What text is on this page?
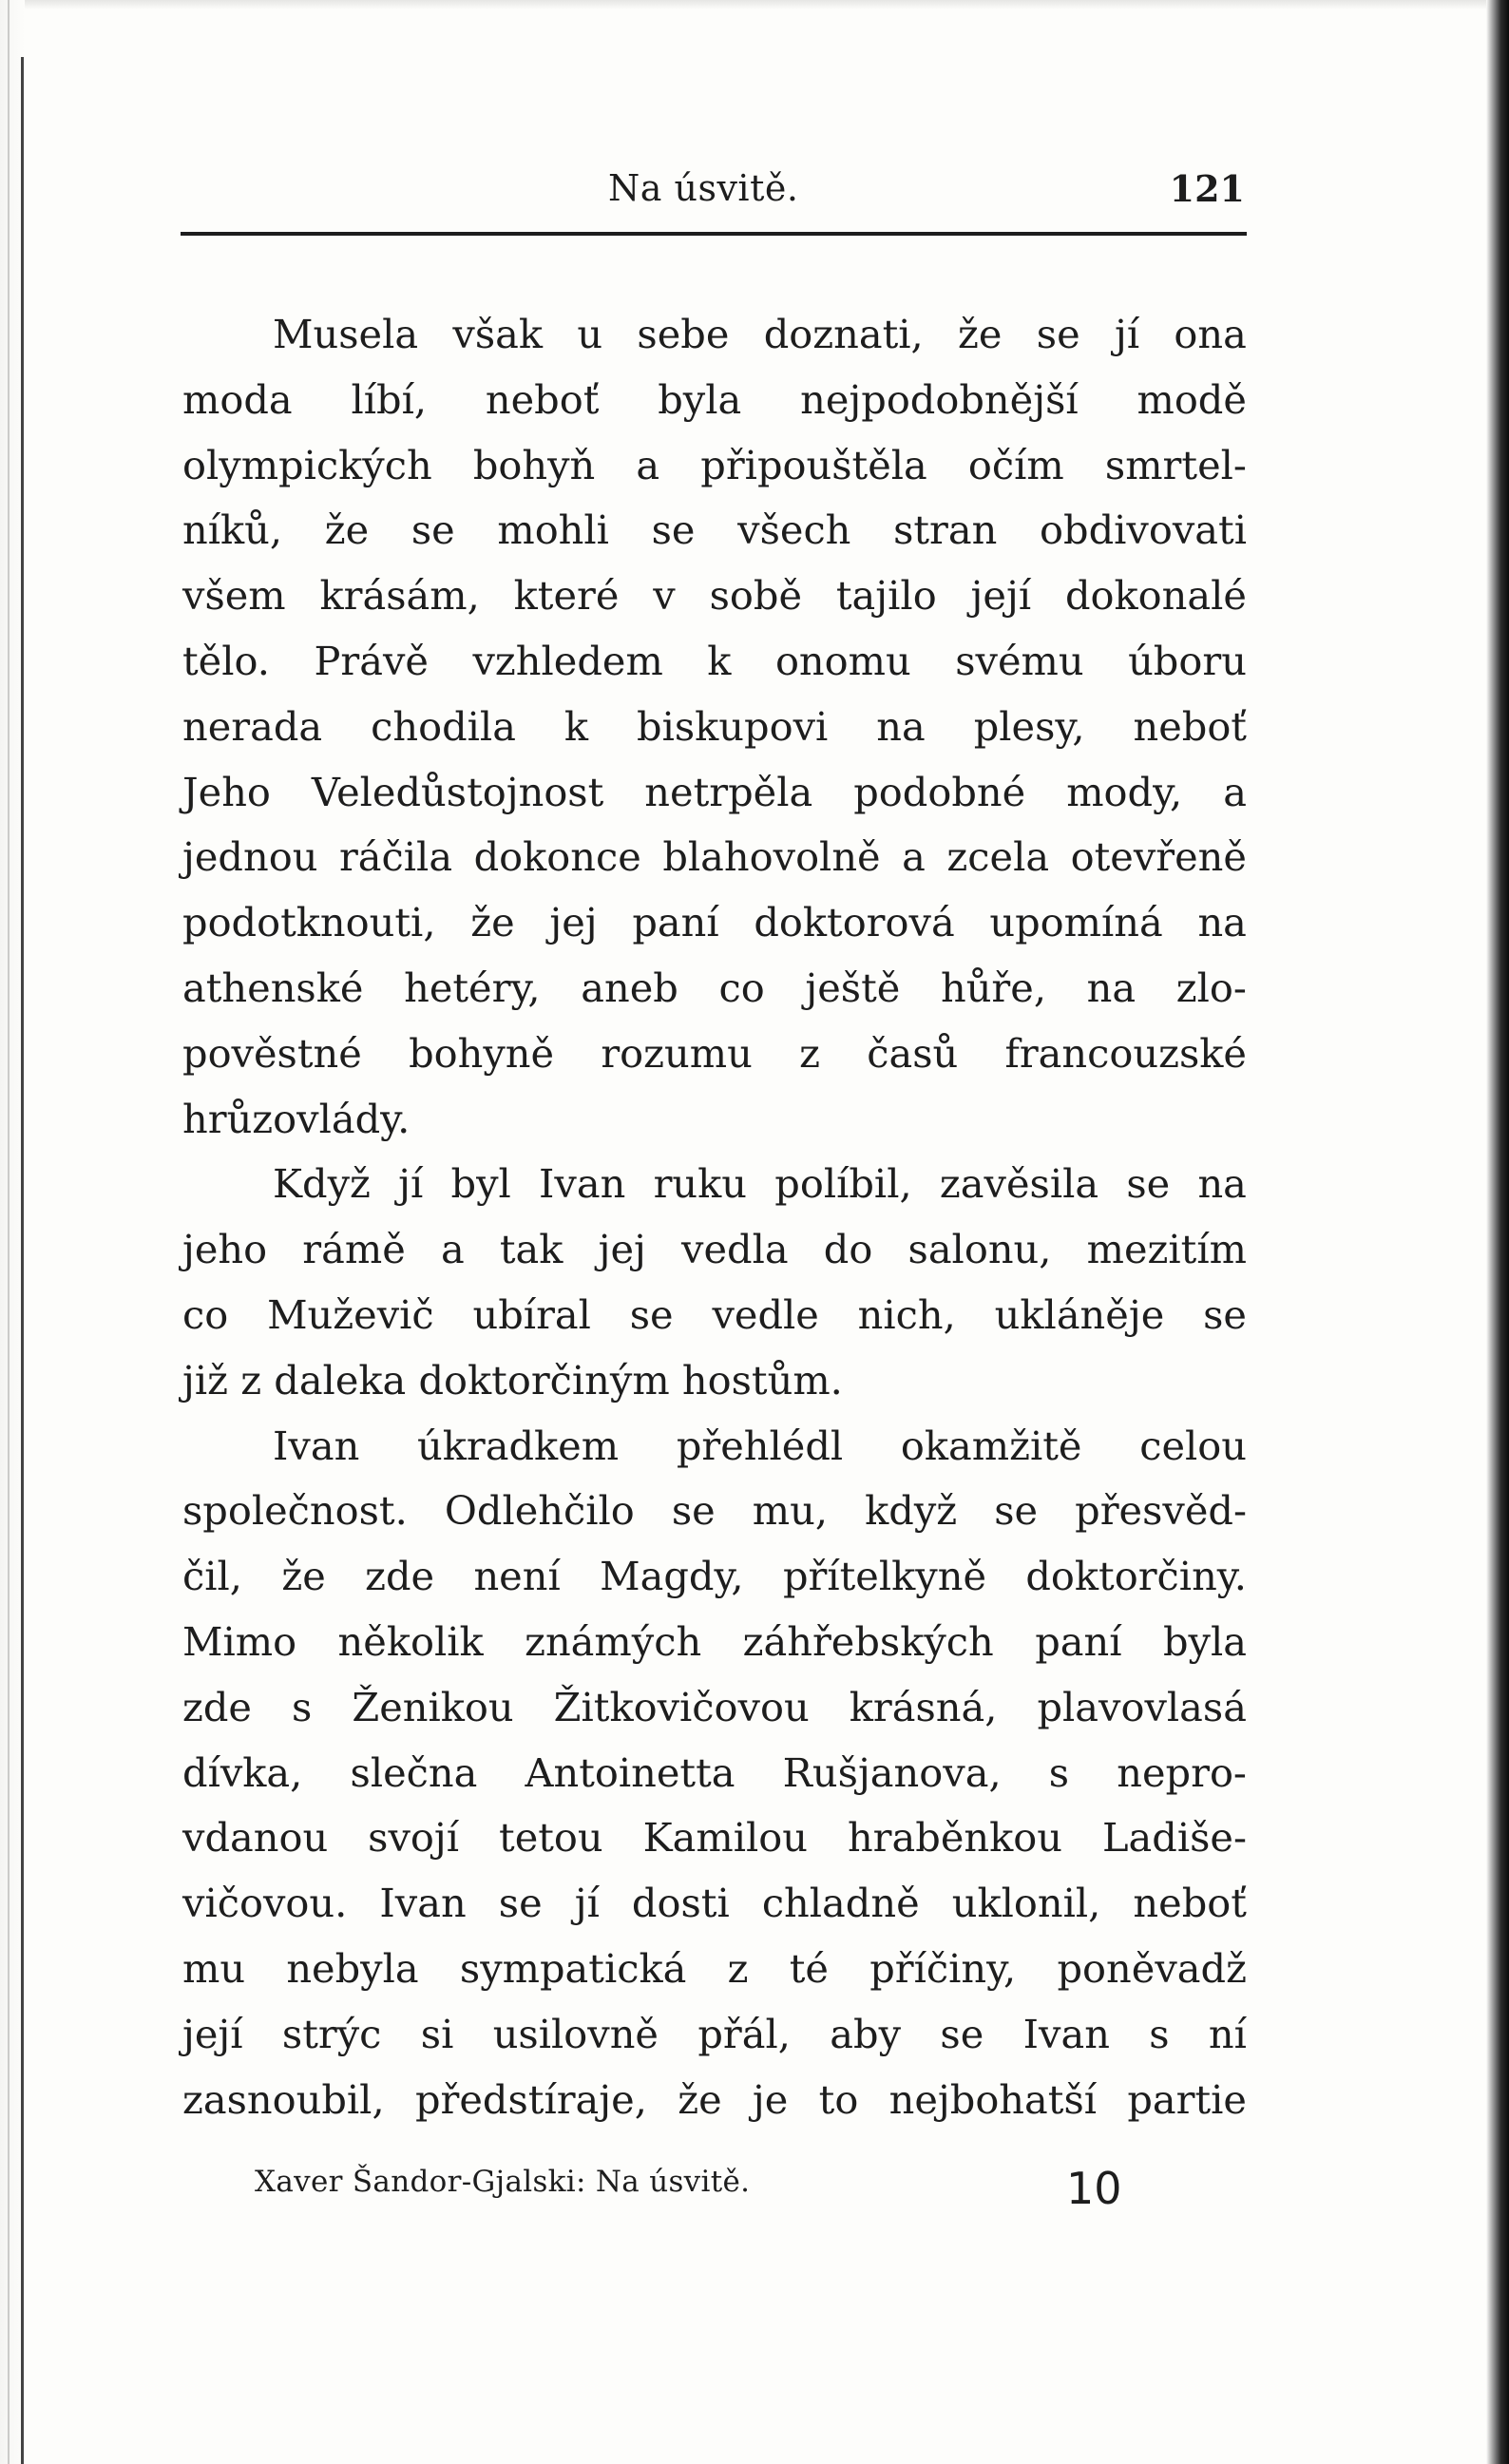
Na úsvitě.	121
Musela však u sebe doznati, že se jí ona
moda líbí, neboť byla nejpodobnější modě
olympických bohyň a připouštěla očím smrtel-
níků, že se mohli se všech stran obdivovati
všem krásám, které v sobě tajilo její dokonalé
tělo. Právě vzhledem k onomu svému úboru
nerada chodila k biskupovi na plesy, neboť
Jeho Veledůstojnost netrpěla podobné mody, a
jednou ráčila dokonce blahovolně a zcela otevřeně
podotknouti, že jej paní doktorová upomíná na
athenské hetéry, aneb co ještě hůře, na zlo-
pověstné bohyně rozumu z časů francouzské
hrůzovlády.
Když jí byl Ivan ruku políbil, zavěsila se na
jeho rámě a tak jej vedla do salonu, mezitím
co Muževič ubíral se vedle nich, ukláněje se
již z daleka doktorčiným hostům.
Ivan úkradkem přehlédl okamžitě celou
společnost. Odlehčilo se mu, když se přesvěd-
čil, že zde není Magdy, přítelkyně doktorčiny.
Mimo několik známých záhřebských paní byla
zde s Ženikou Žitkovičovou krásná, plavovlasá
dívka, slečna Antoinetta Rušjanova, s nepro-
vdanou svojí tetou Kamilou hraběnkou Ladiše-
vičovou. Ivan se jí dosti chladně uklonil, neboť
mu nebyla sympatická z té příčiny, poněvadž
její strýc si usilovně přál, aby se Ivan s ní
zasnoubil, předstíraje, že je to nejbohatší partie
Xaver Šandor-Gjalski: Na úsvitě.	10
